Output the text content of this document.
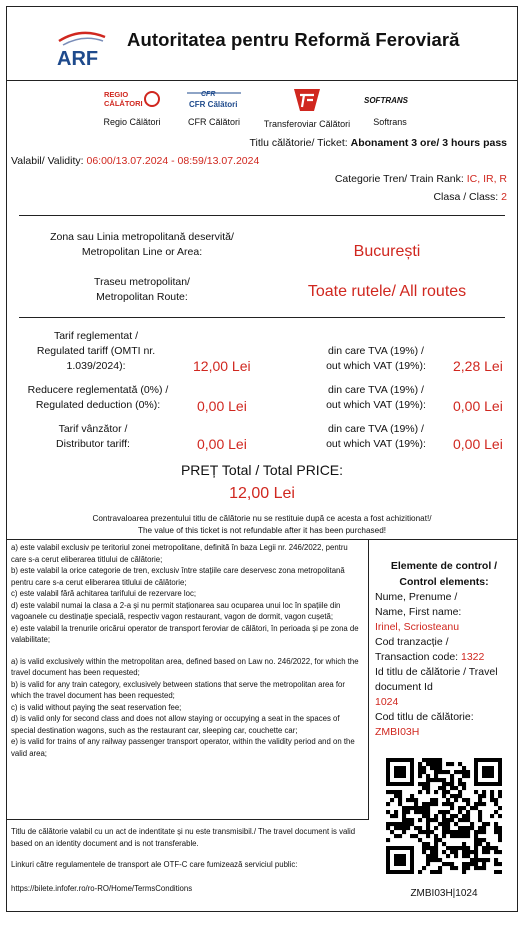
ARF
Autoritatea pentru Reformă Feroviară
REGIO
CĂLĂTORI
Regio Călători
CFR
CFR Călători
CFR Călători	Transferoviar Călători
SOFTRANS
Softrans
Titlu călătorie/ Ticket: Abonament 3 ore/ 3 hours pass
Valabil/ Validity: 06:00/13.07.2024 - 08:59/13.07.2024
Categorie Tren/ Train Rank: IC, IR, R
Clasa / Class: 2
Zona sau Linia metropolitană deservită/
Metropolitan Line or Area:	București
Traseu metropolitan/
Metropolitan Route:	Toate rutele/ All routes
Tarif reglementat /
Regulated tariff (OMTI nr.
1.039/2024):	12,00 Lei
din care TVA (19%) /
out which VAT (19%):	2,28 Lei
Reducere reglementată (0%) /
Regulated deduction (0%):	0,00 Lei
din care TVA (19%) /
out which VAT (19%):	0,00 Lei
Tarif vânzător /
Distributor tariff:	0,00 Lei
din care TVA (19%) /
out which VAT (19%):	0,00 Lei
PREȚ Total / Total PRICE:
12,00 Lei
Contravaloarea prezentului titlu de călătorie nu se restituie după ce acesta a fost achizitionat!/
The value of this ticket is not refundable after it has been purchased!

a) este valabil exclusiv pe teritoriul zonei metropolitane, definită în baza Legii nr. 246/2022, pentru care s-a cerut eliberarea titlului de călătorie;

b) este valabil la orice categorie de tren, exclusiv între stațiile care deservesc zona metropolitană pentru care s-a cerut eliberarea titlului de călătorie;

c) este valabil fără achitarea tarifului de rezervare loc;

d) este valabil numai la clasa a 2-a și nu permit staționarea sau ocuparea unui loc în spațiile din vagoanele cu destinație specială, respectiv vagon restaurant, vagon de dormit, vagon cușetă;

e) este valabil la trenurile oricărui operator de transport feroviar de călători, în perioada și pe zona de valabilitate;

a) is valid exclusively within the metropolitan area, defined based on Law no. 246/2022, for which the travel document has been requested;

b) is valid for any train category, exclusively between stations that serve the metropolitan area for which the travel document has been requested;

c) is valid without paying the seat reservation fee;

d) is valid only for second class and does not allow staying or occupying a seat in the spaces of special destination wagons, such as the restaurant car, sleeping car, couchette car;

e) is valid for trains of any railway passenger transport operator, within the validity period and on the valid area;

Titlu de călătorie valabil cu un act de indentitate și nu este transmisibil./ The travel document is valid based on an identity document and is not transferable.

Linkuri către regulamentele de transport ale OTF-C care fumizează serviciul public:

https://bilete.infofer.ro/ro-RO/Home/TermsConditions

Elemente de control /
Control elements:
Nume, Prenume /
Name, First name:
Irinel, Scriosteanu
Cod tranzacție /
Transaction code: 1322
Id titlu de călătorie / Travel
document Id
1024
Cod titlu de călătorie:
ZMBI03H
ZMBI03H|1024
